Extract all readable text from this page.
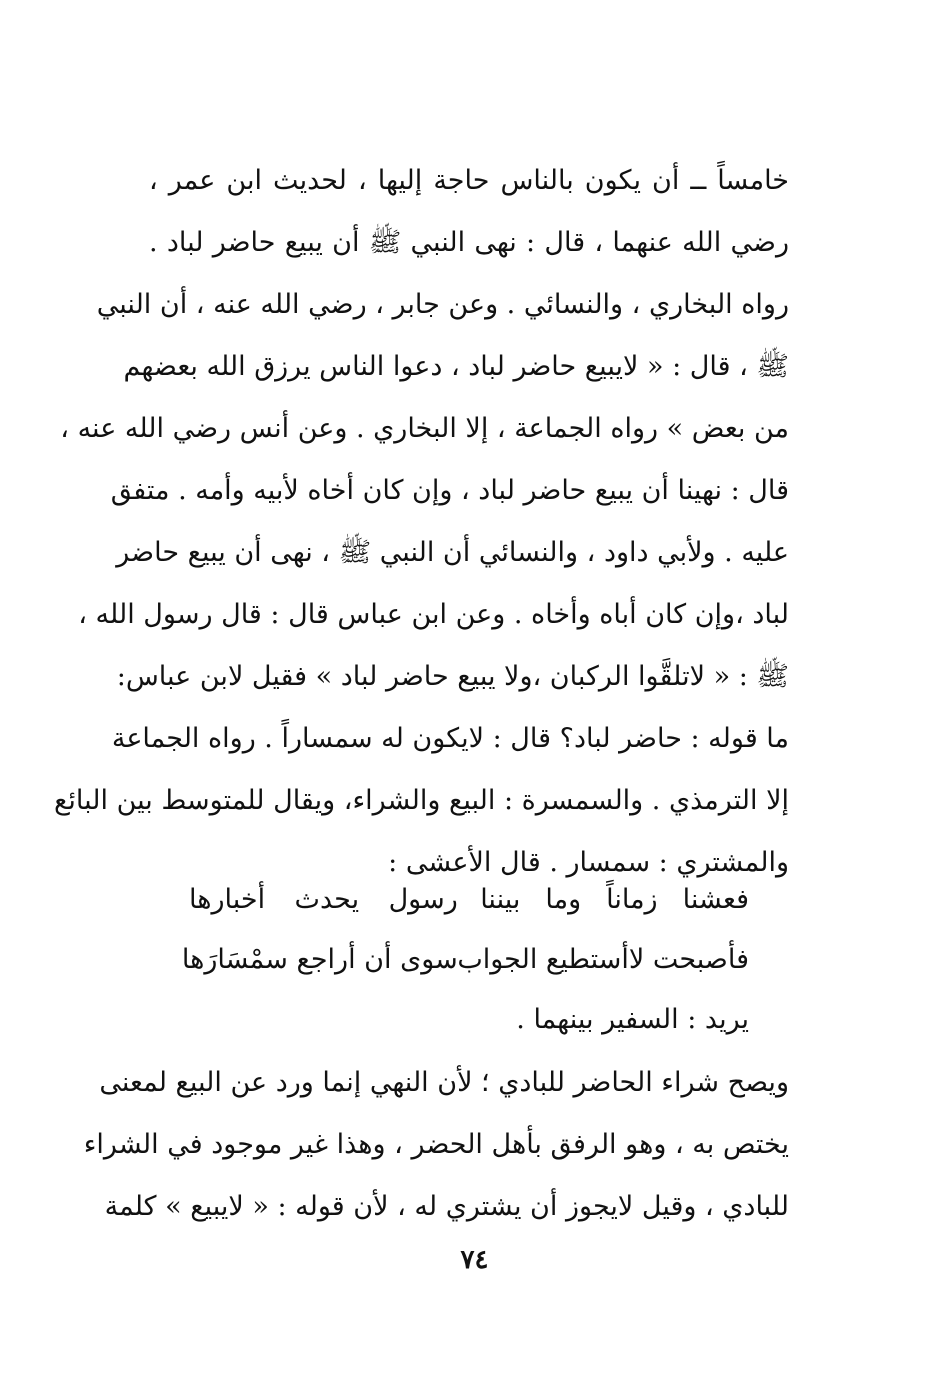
خامساً ــ أن يكون بالناس حاجة إليها ، لحديث ابن عمر ،
رضي الله عنهما ، قال : نهى النبي ﷺ أن يبيع حاضر لباد .
رواه البخاري ، والنسائي . وعن جابر ، رضي الله عنه ، أن النبي
ﷺ ، قال : « لايبيع حاضر لباد ، دعوا الناس يرزق الله بعضهم
من بعض » رواه الجماعة ، إلا البخاري . وعن أنس رضي الله عنه ،
قال : نهينا أن يبيع حاضر لباد ، وإن كان أخاه لأبيه وأمه . متفق
عليه . ولأبي داود ، والنسائي أن النبي ﷺ ، نهى أن يبيع حاضر
لباد ،وإن كان أباه وأخاه . وعن ابن عباس قال : قال رسول الله ،
ﷺ : « لاتلقَّوا الركبان ،ولا يبيع حاضر لباد » فقيل لابن عباس:
ما قوله : حاضر لباد؟ قال : لايكون له سمساراً . رواه الجماعة
إلا الترمذي . والسمسرة : البيع والشراء، ويقال للمتوسط بين البائع
والمشتري : سمسار . قال الأعشى :
فعشنا زماناً وما بيننا
رسول يحدث أخبارها
فأصبحت لاأستطيع الجواب
سوى أن أراجع سمْسَارَها
يريد : السفير بينهما .
ويصح شراء الحاضر للبادي ؛ لأن النهي إنما ورد عن البيع لمعنى
يختص به ، وهو الرفق بأهل الحضر ، وهذا غير موجود في الشراء
للبادي ، وقيل لايجوز أن يشتري له ، لأن قوله : « لايبيع » كلمة
٧٤
